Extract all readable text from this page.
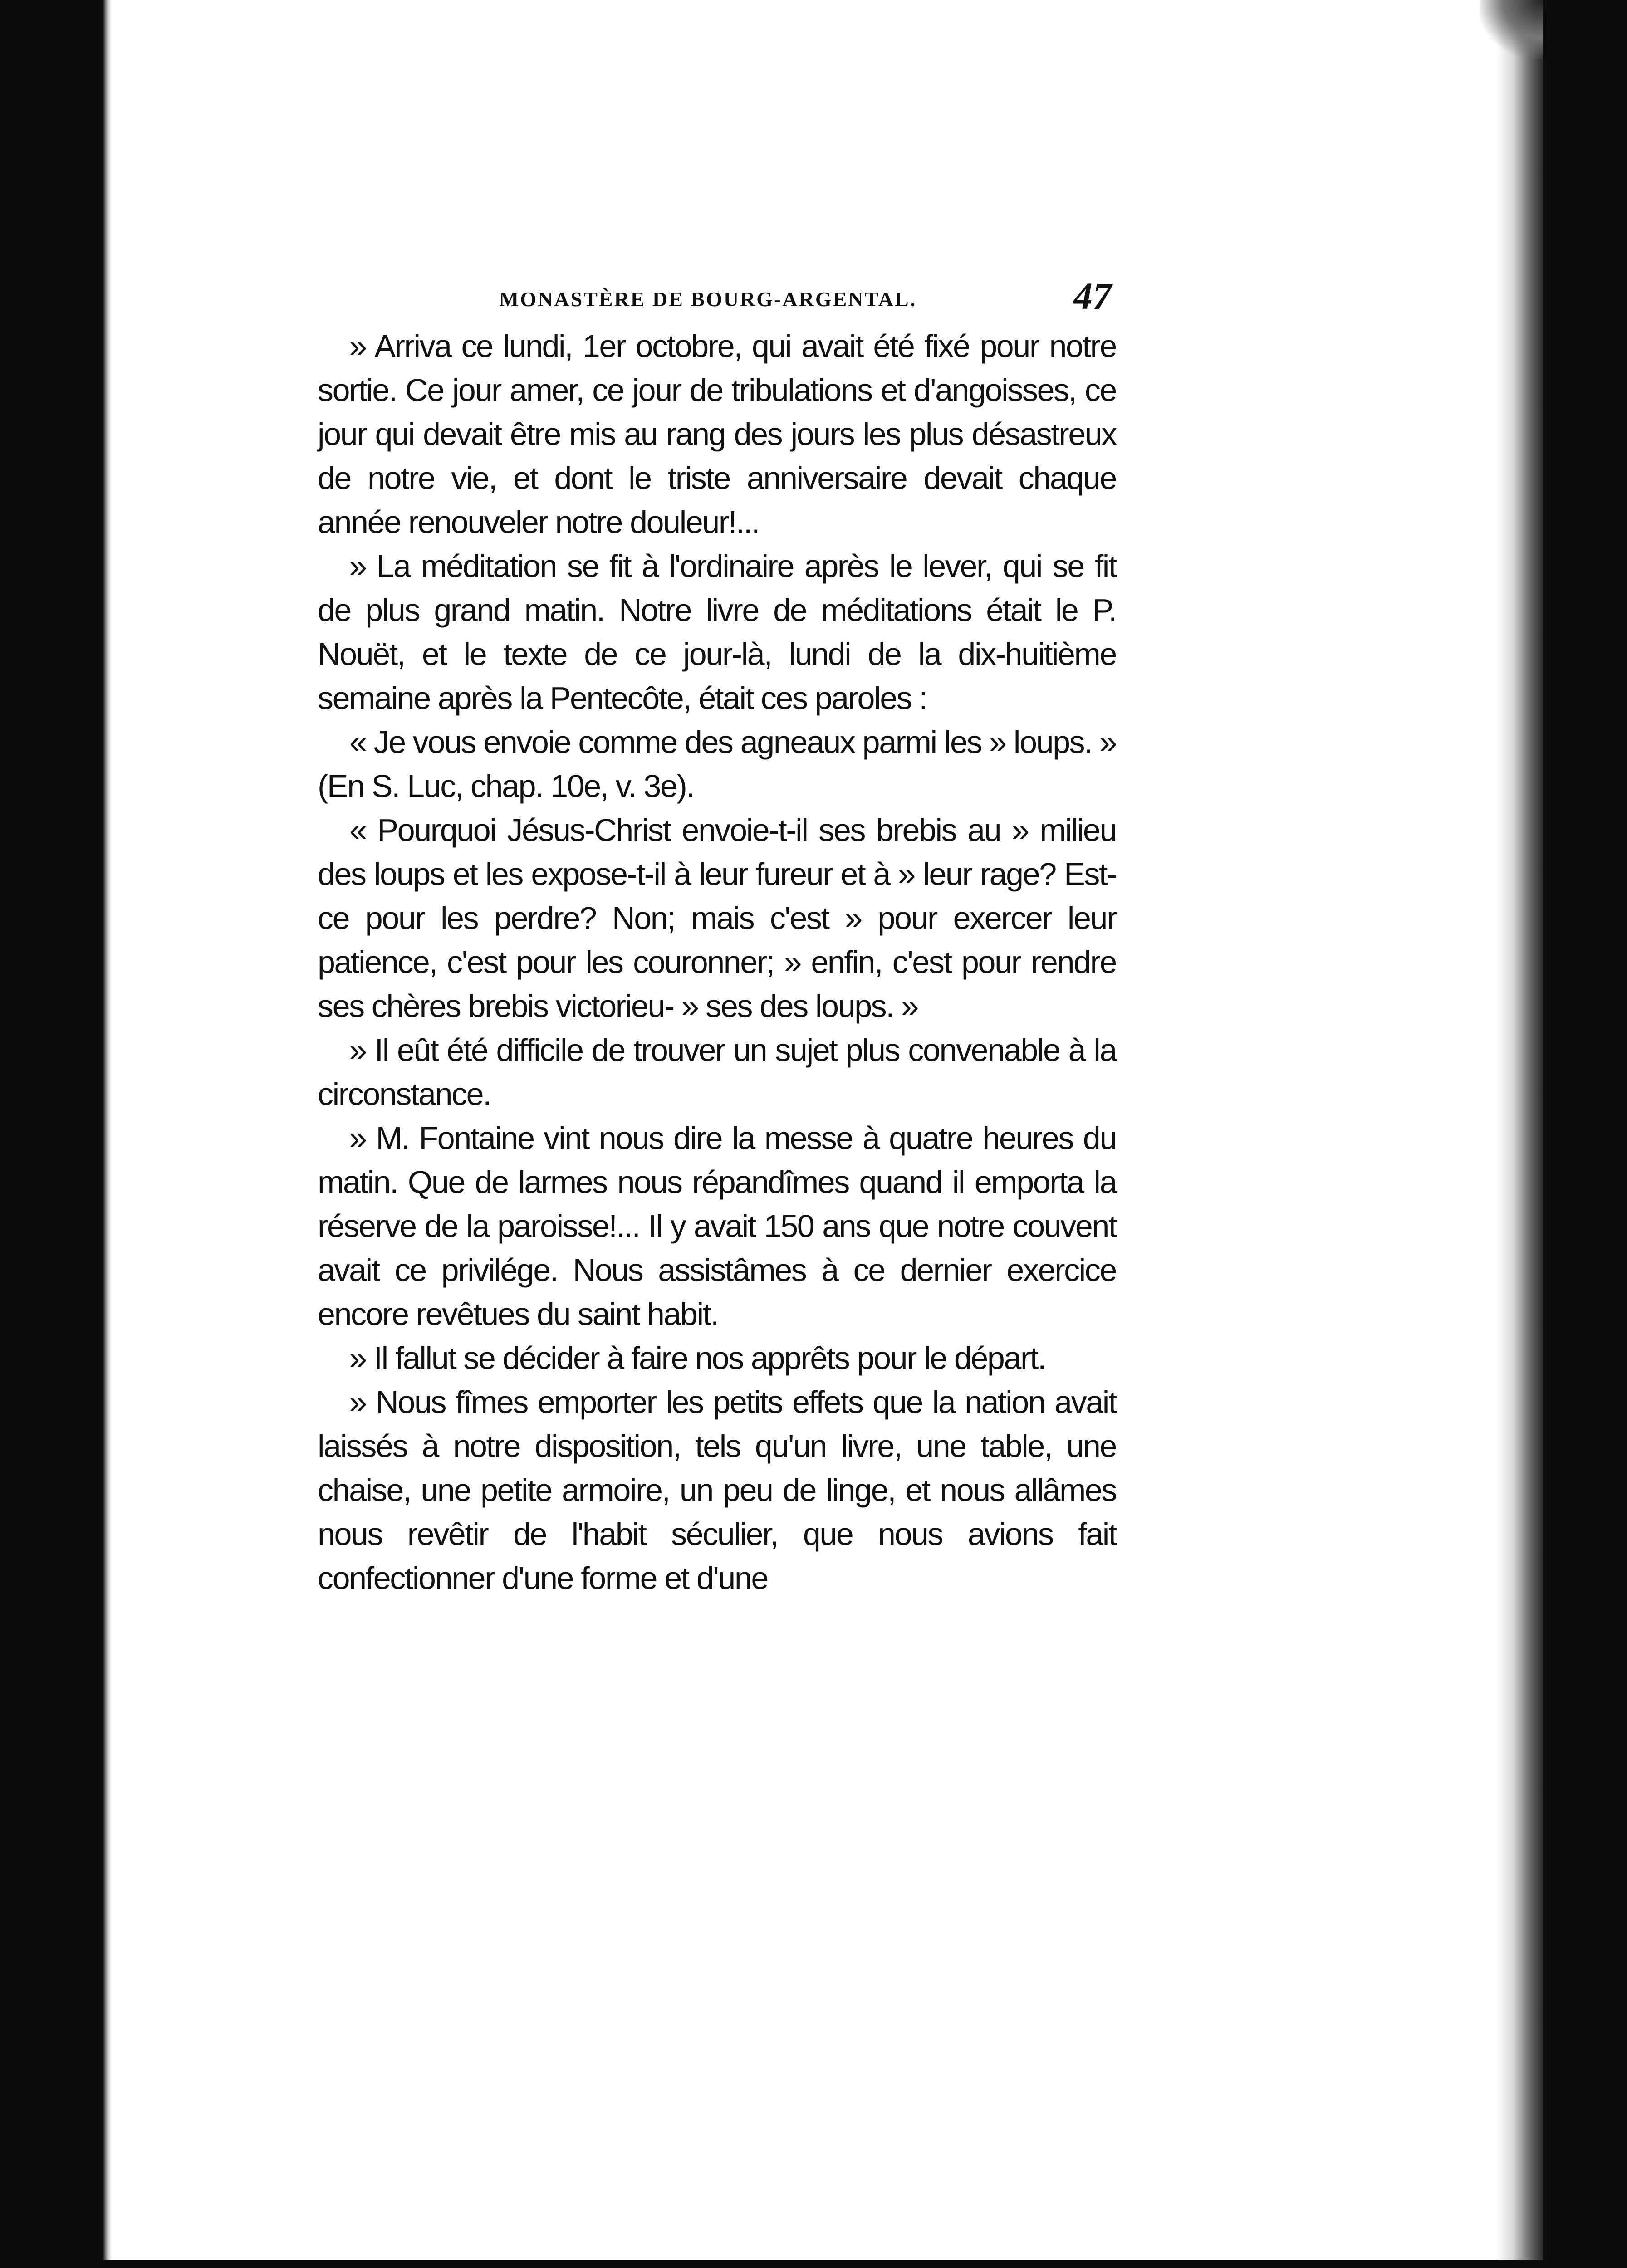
MONASTÈRE DE BOURG-ARGENTAL.	47

» Arriva ce lundi, 1er octobre, qui avait été fixé pour notre sortie. Ce jour amer, ce jour de tribulations et d'angoisses, ce jour qui devait être mis au rang des jours les plus désastreux de notre vie, et dont le triste anniversaire devait chaque année renouveler notre douleur!...

» La méditation se fit à l'ordinaire après le lever, qui se fit de plus grand matin. Notre livre de méditations était le P. Nouët, et le texte de ce jour-là, lundi de la dix-huitième semaine après la Pentecôte, était ces paroles :

« Je vous envoie comme des agneaux parmi les » loups. » (En S. Luc, chap. 10e, v. 3e).

« Pourquoi Jésus-Christ envoie-t-il ses brebis au » milieu des loups et les expose-t-il à leur fureur et à » leur rage? Est-ce pour les perdre? Non; mais c'est » pour exercer leur patience, c'est pour les couronner; » enfin, c'est pour rendre ses chères brebis victorieu- » ses des loups. »

» Il eût été difficile de trouver un sujet plus convenable à la circonstance.

» M. Fontaine vint nous dire la messe à quatre heures du matin. Que de larmes nous répandîmes quand il emporta la réserve de la paroisse!... Il y avait 150 ans que notre couvent avait ce privilége. Nous assistâmes à ce dernier exercice encore revêtues du saint habit.

» Il fallut se décider à faire nos apprêts pour le départ.

» Nous fîmes emporter les petits effets que la nation avait laissés à notre disposition, tels qu'un livre, une table, une chaise, une petite armoire, un peu de linge, et nous allâmes nous revêtir de l'habit séculier, que nous avions fait confectionner d'une forme et d'une
